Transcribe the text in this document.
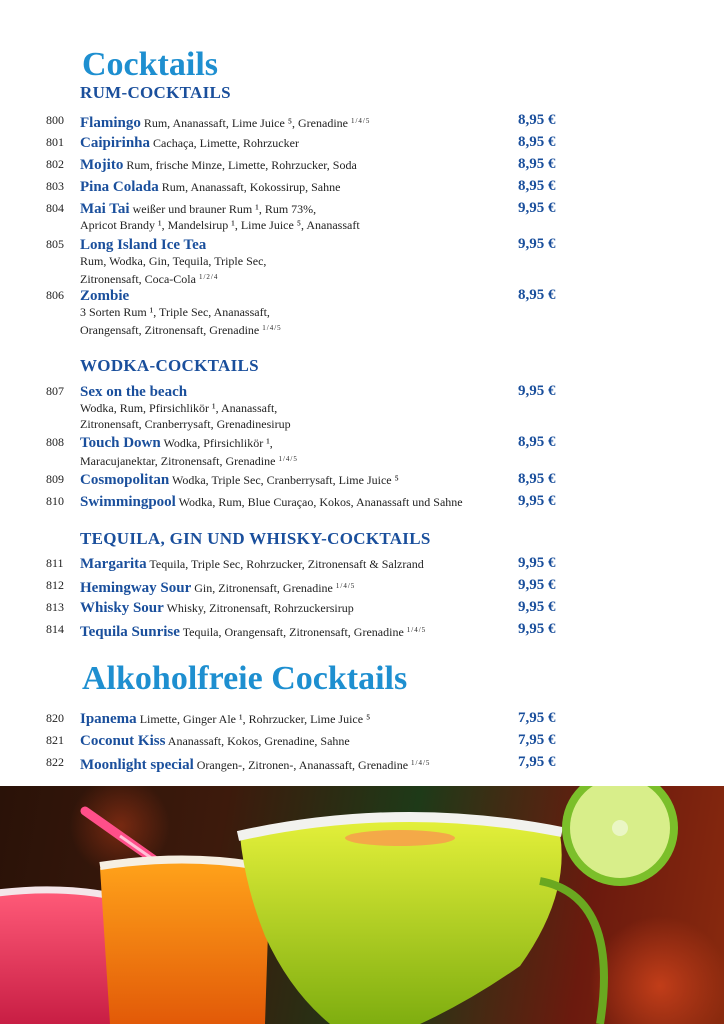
Cocktails
RUM-COCKTAILS
800	Flamingo Rum, Ananassaft, Lime Juice ⁵, Grenadine $^{1/4/5}$	8,95 €
801	Caipirinha Cachaça, Limette, Rohrzucker	8,95 €
802	Mojito Rum, frische Minze, Limette, Rohrzucker, Soda	8,95 €
803	Pina Colada Rum, Ananassaft, Kokossirup, Sahne	8,95 €
804	Mai Tai weißer und brauner Rum ¹, Rum 73%,
Apricot Brandy ¹, Mandelsirup ¹, Lime Juice ⁵, Ananassaft
9,95 €
805	Long Island Ice Tea
Rum, Wodka, Gin, Tequila, Triple Sec,
Zitronensaft, Coca-Cola $^{1/2/4}$
9,95 €
806	Zombie
3 Sorten Rum ¹, Triple Sec, Ananassaft,
Orangensaft, Zitronensaft, Grenadine $^{1/4/5}$
8,95 €
WODKA-COCKTAILS
807	Sex on the beach
Wodka, Rum, Pfirsichlikör ¹, Ananassaft,
Zitronensaft, Cranberrysaft, Grenadinesirup
9,95 €
808	Touch Down Wodka, Pfirsichlikör ¹,
Maracujanektar, Zitronensaft, Grenadine $^{1/4/5}$
8,95 €
809	Cosmopolitan Wodka, Triple Sec, Cranberrysaft, Lime Juice ⁵	8,95 €
810	Swimmingpool Wodka, Rum, Blue Curaçao, Kokos, Ananassaft und Sahne	9,95 €
TEQUILA, GIN UND WHISKY-COCKTAILS
811	Margarita Tequila, Triple Sec, Rohrzucker, Zitronensaft & Salzrand	9,95 €
812	Hemingway Sour Gin, Zitronensaft, Grenadine $^{1/4/5}$	9,95 €
813	Whisky Sour Whisky, Zitronensaft, Rohrzuckersirup	9,95 €
814	Tequila Sunrise Tequila, Orangensaft, Zitronensaft, Grenadine $^{1/4/5}$	9,95 €
Alkoholfreie Cocktails
820	Ipanema Limette, Ginger Ale ¹, Rohrzucker, Lime Juice ⁵	7,95 €
821	Coconut Kiss Ananassaft, Kokos, Grenadine, Sahne	7,95 €
822	Moonlight special Orangen-, Zitronen-, Ananassaft, Grenadine $^{1/4/5}$	7,95 €
